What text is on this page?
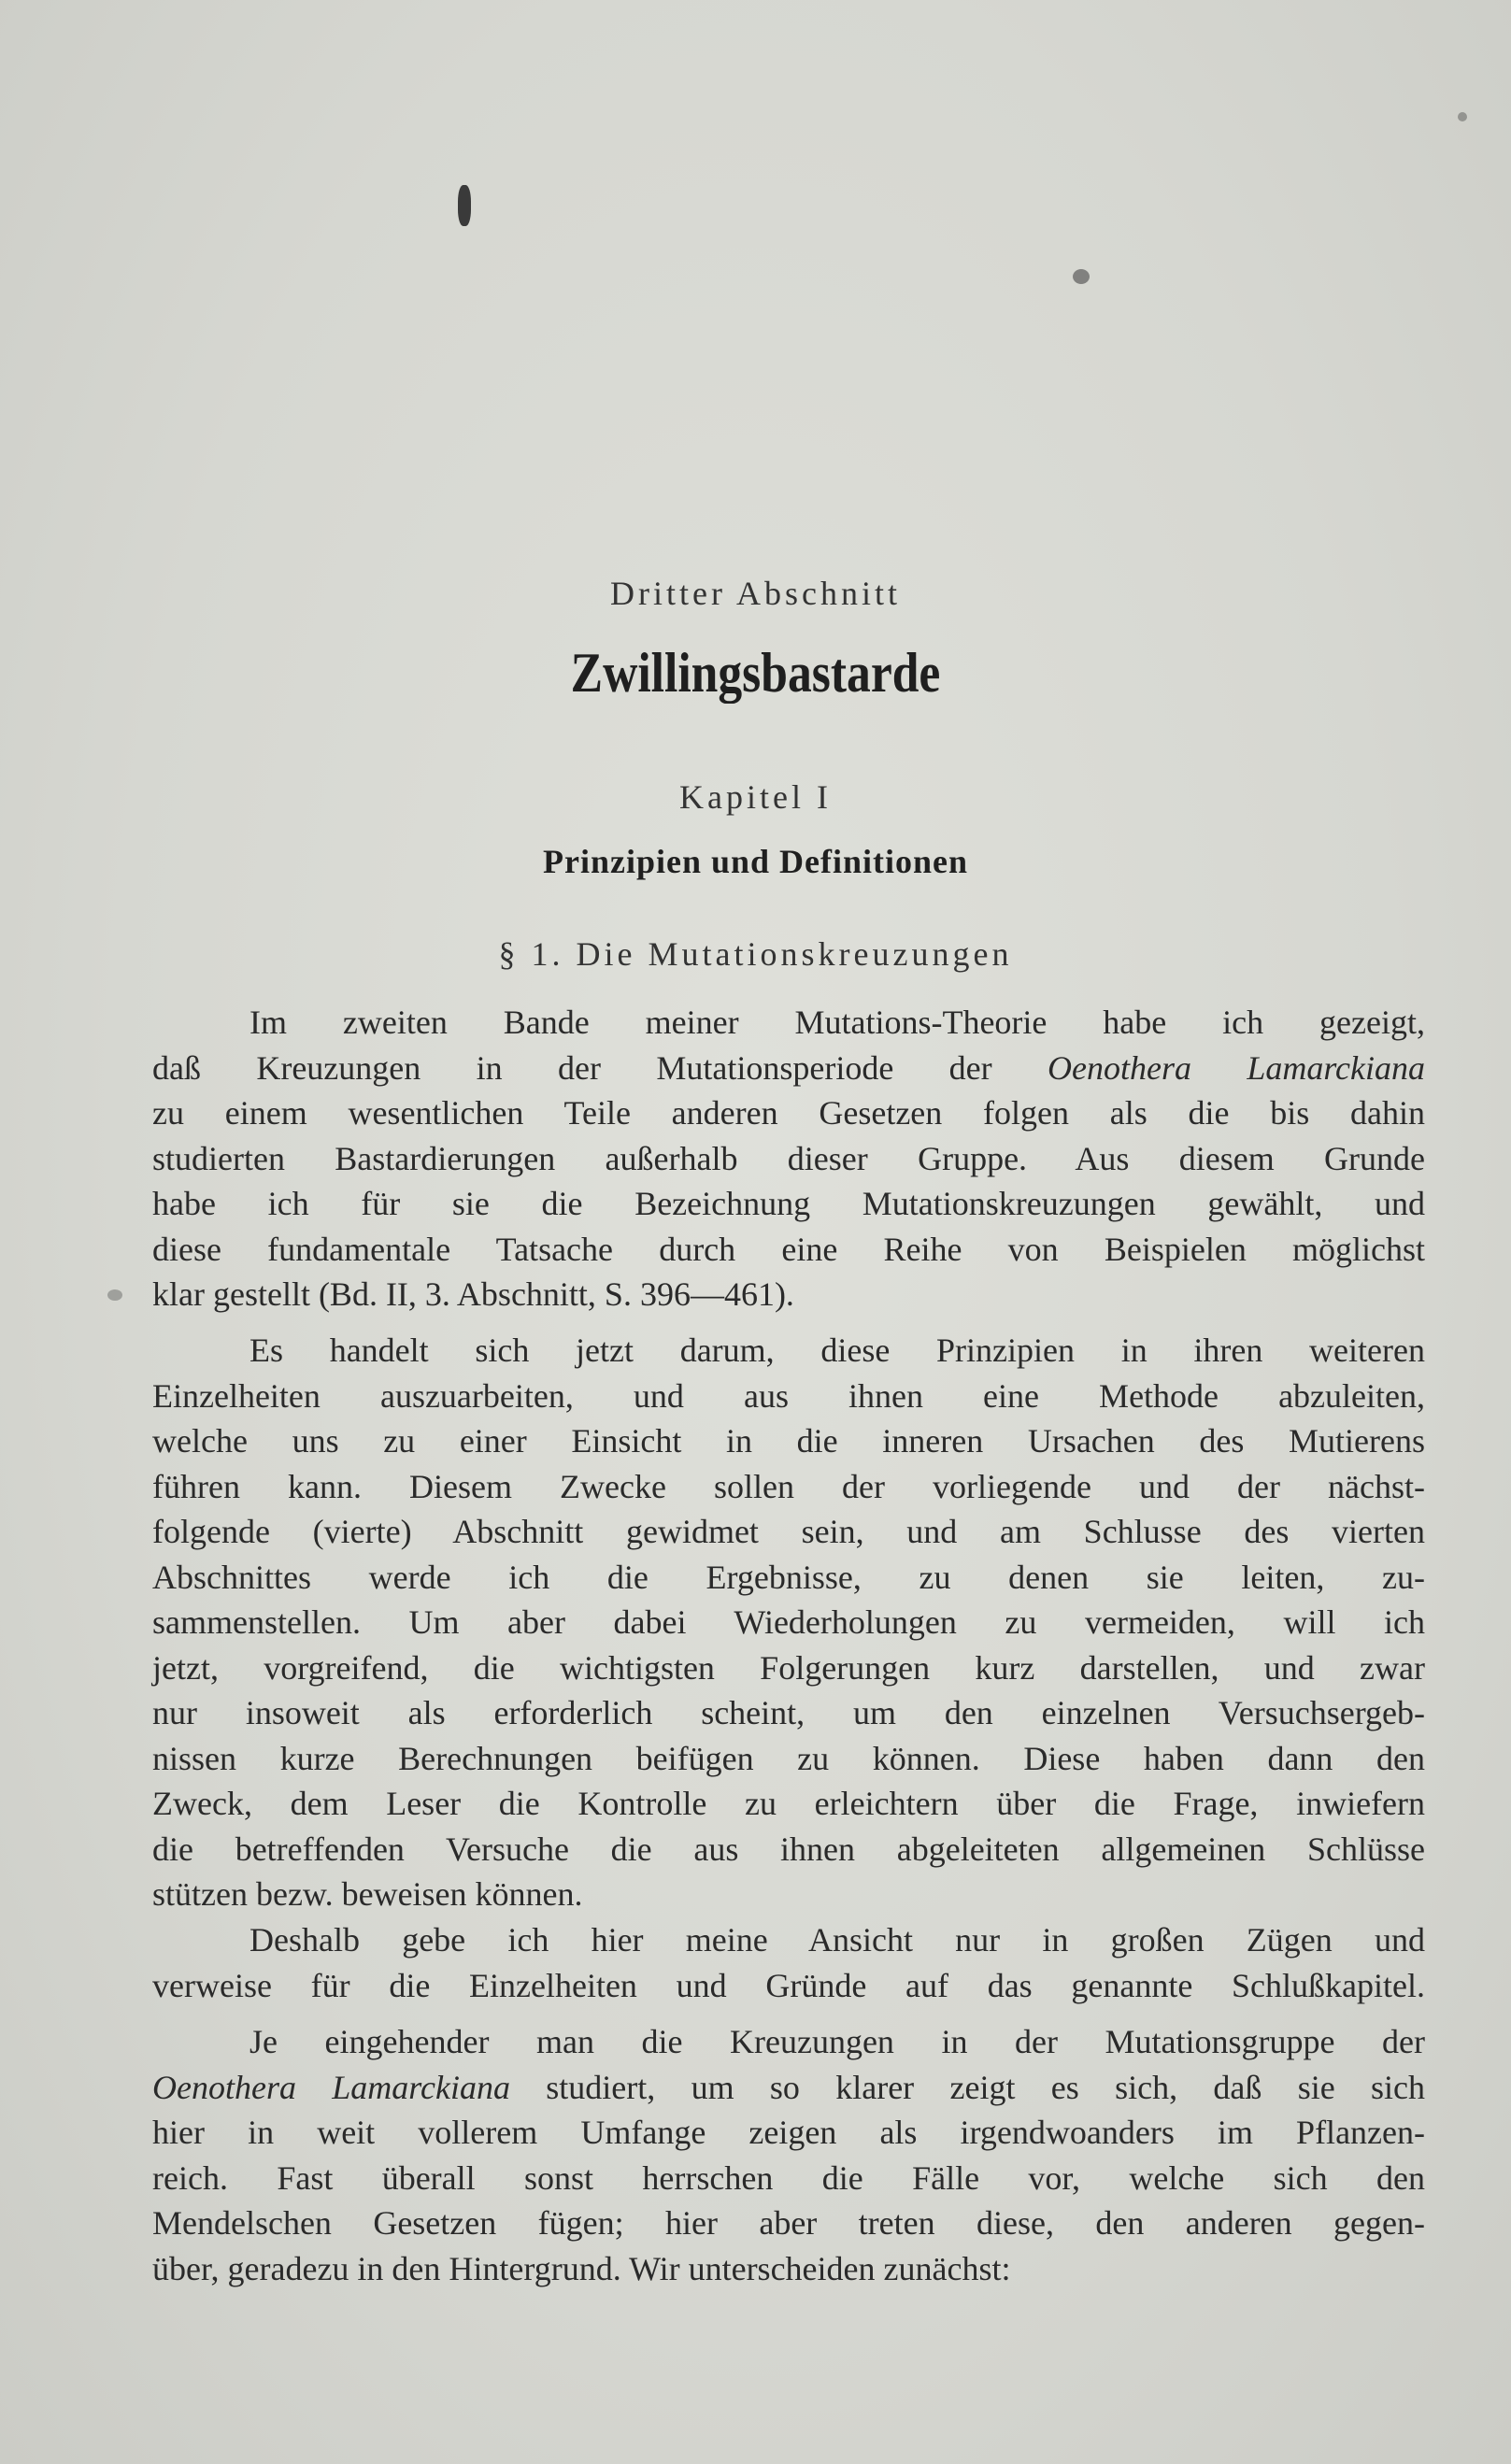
Dritter Abschnitt
Zwillingsbastarde
Kapitel I
Prinzipien und Definitionen
§ 1. Die Mutationskreuzungen
Im zweiten Bande meiner Mutations-Theorie habe ich gezeigt,
daß Kreuzungen in der Mutationsperiode der Oenothera Lamarckiana
zu einem wesentlichen Teile anderen Gesetzen folgen als die bis dahin
studierten Bastardierungen außerhalb dieser Gruppe. Aus diesem Grunde
habe ich für sie die Bezeichnung Mutationskreuzungen gewählt, und
diese fundamentale Tatsache durch eine Reihe von Beispielen möglichst
klar gestellt (Bd. II, 3. Abschnitt, S. 396—461).
Es handelt sich jetzt darum, diese Prinzipien in ihren weiteren
Einzelheiten auszuarbeiten, und aus ihnen eine Methode abzuleiten,
welche uns zu einer Einsicht in die inneren Ursachen des Mutierens
führen kann. Diesem Zwecke sollen der vorliegende und der nächst-
folgende (vierte) Abschnitt gewidmet sein, und am Schlusse des vierten
Abschnittes werde ich die Ergebnisse, zu denen sie leiten, zu-
sammenstellen. Um aber dabei Wiederholungen zu vermeiden, will ich
jetzt, vorgreifend, die wichtigsten Folgerungen kurz darstellen, und zwar
nur insoweit als erforderlich scheint, um den einzelnen Versuchsergeb-
nissen kurze Berechnungen beifügen zu können. Diese haben dann den
Zweck, dem Leser die Kontrolle zu erleichtern über die Frage, inwiefern
die betreffenden Versuche die aus ihnen abgeleiteten allgemeinen Schlüsse
stützen bezw. beweisen können.
Deshalb gebe ich hier meine Ansicht nur in großen Zügen und
verweise für die Einzelheiten und Gründe auf das genannte Schlußkapitel.
Je eingehender man die Kreuzungen in der Mutationsgruppe der
Oenothera Lamarckiana studiert, um so klarer zeigt es sich, daß sie sich
hier in weit vollerem Umfange zeigen als irgendwoanders im Pflanzen-
reich. Fast überall sonst herrschen die Fälle vor, welche sich den
Mendelschen Gesetzen fügen; hier aber treten diese, den anderen gegen-
über, geradezu in den Hintergrund. Wir unterscheiden zunächst:
